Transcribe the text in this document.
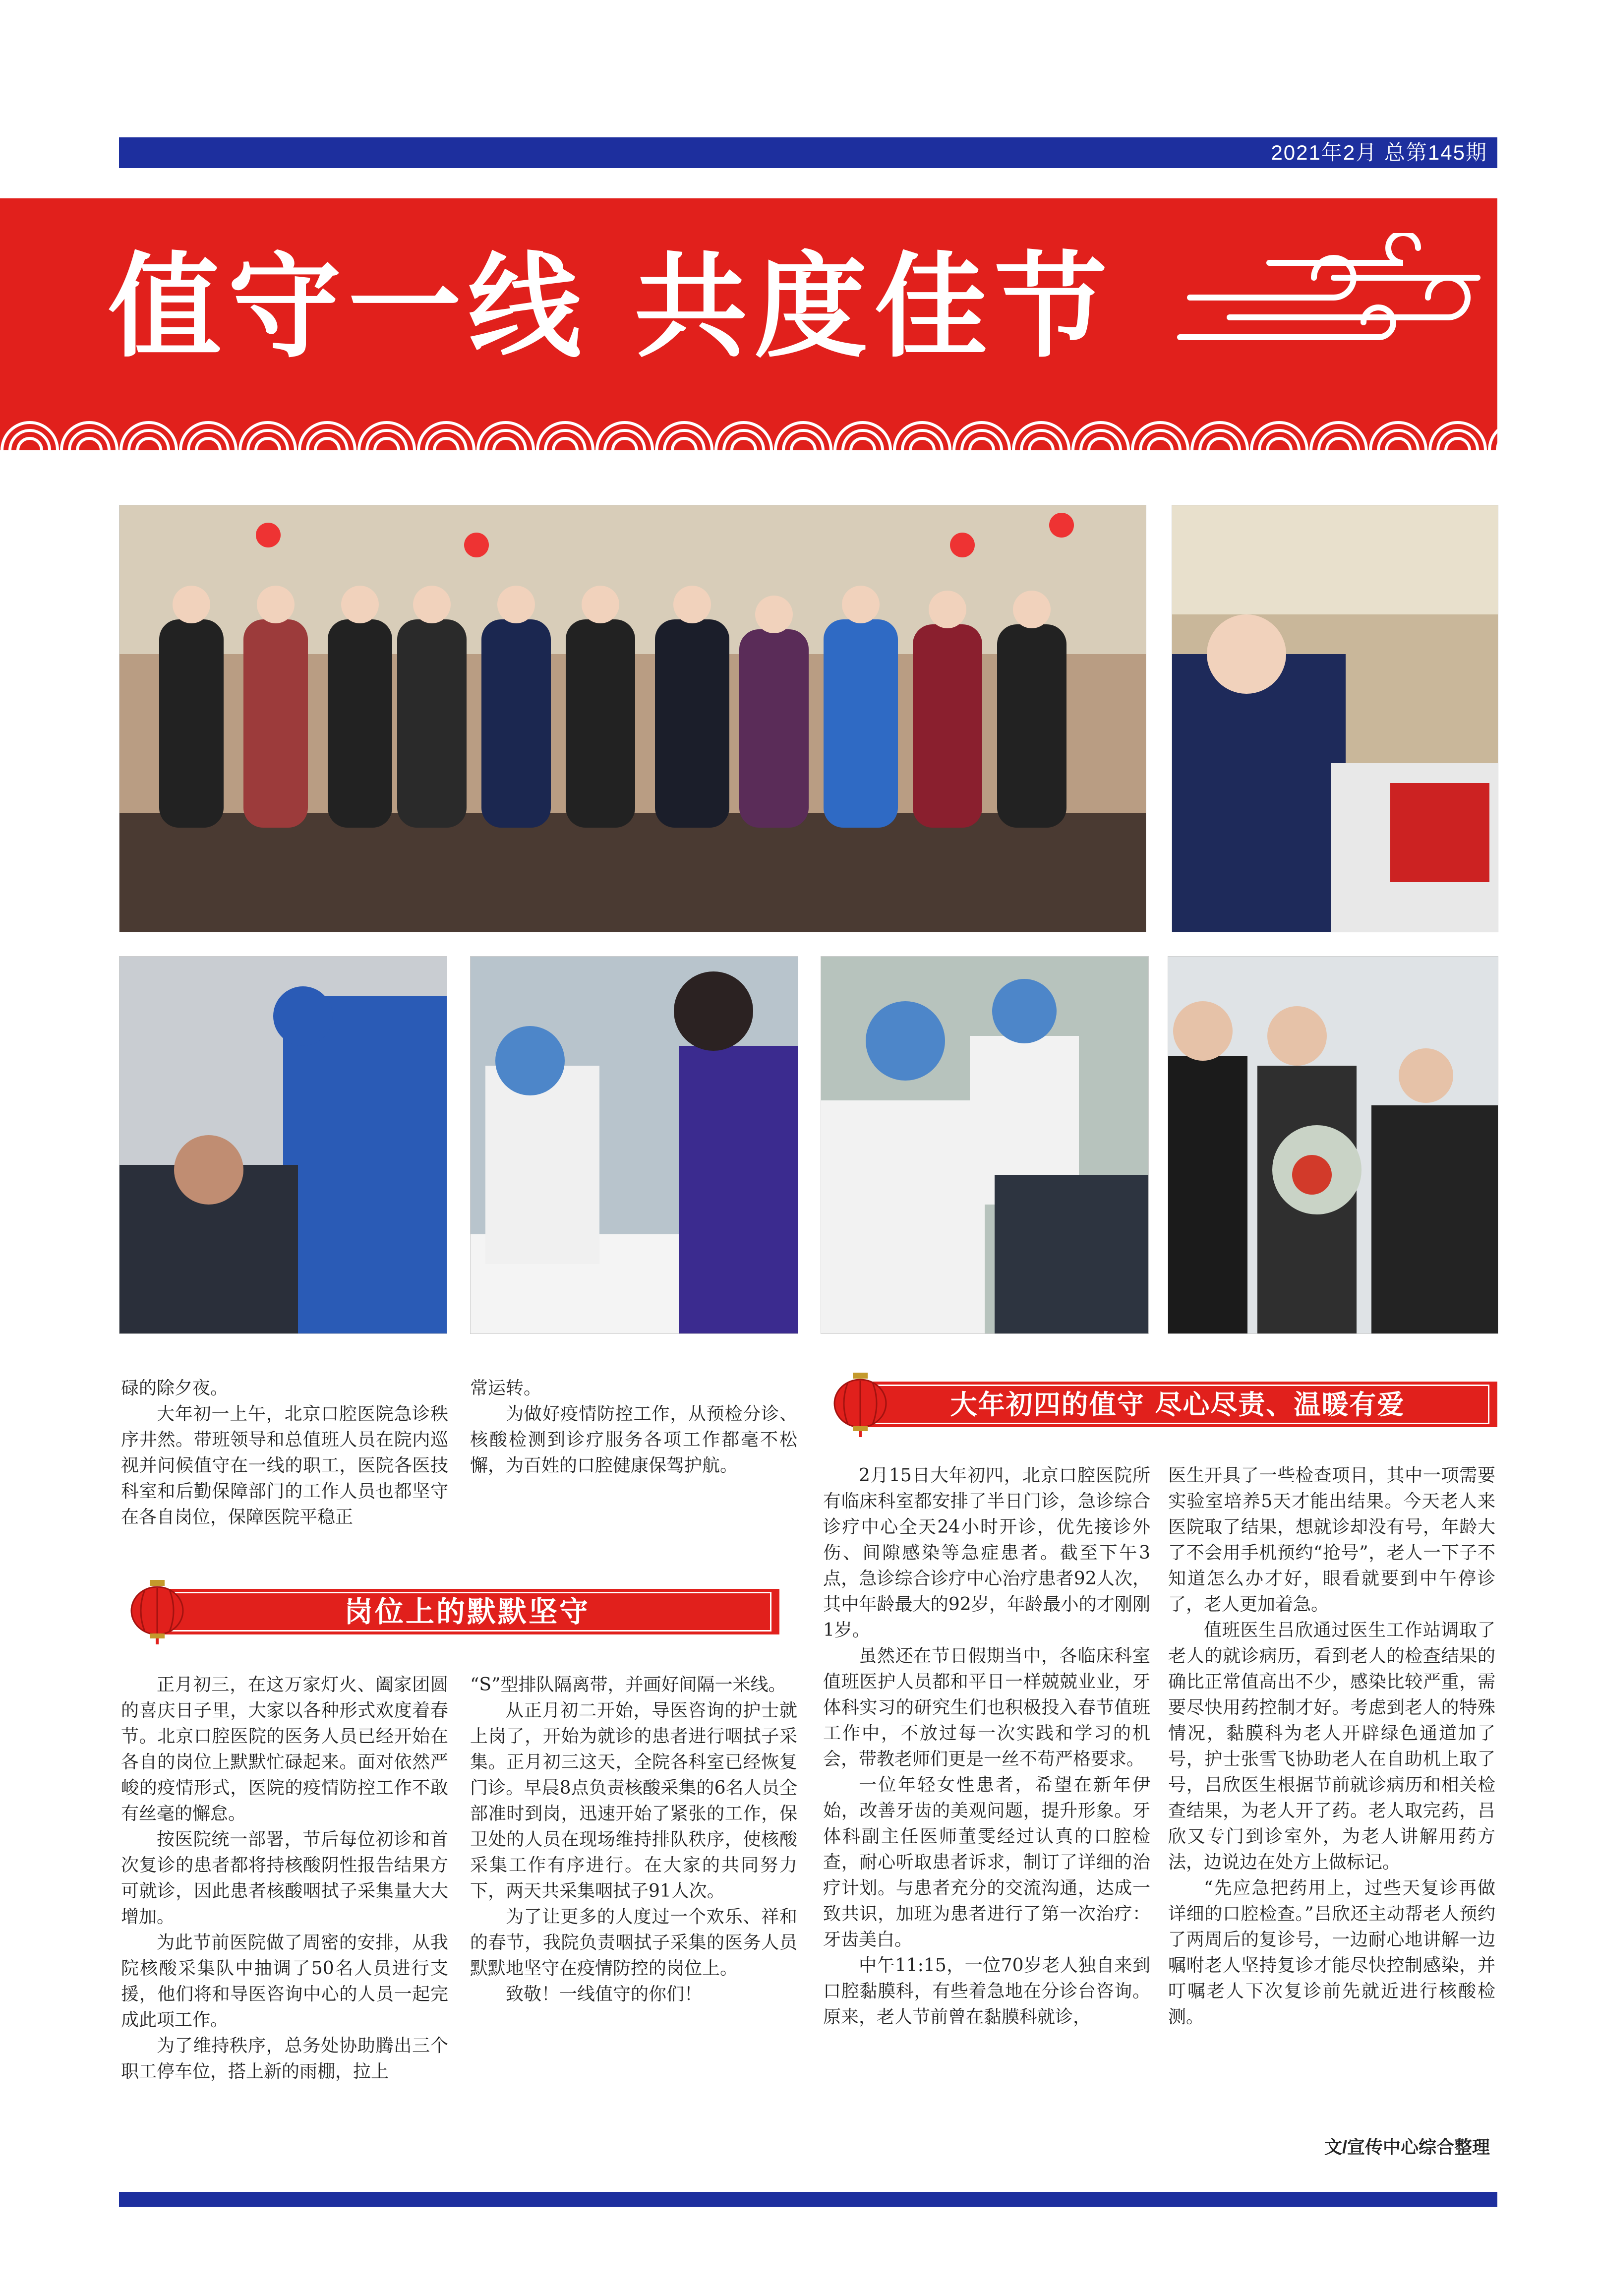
2021年2月 总第145期
值守一线 共度佳节

碌的除夕夜。

大年初一上午，北京口腔医院急诊秩序井然。带班领导和总值班人员在院内巡视并问候值守在一线的职工，医院各医技科室和后勤保障部门的工作人员也都坚守在各自岗位，保障医院平稳正

常运转。

为做好疫情防控工作，从预检分诊、核酸检测到诊疗服务各项工作都毫不松懈，为百姓的口腔健康保驾护航。

岗位上的默默坚守

正月初三，在这万家灯火、阖家团圆的喜庆日子里，大家以各种形式欢度着春节。北京口腔医院的医务人员已经开始在各自的岗位上默默忙碌起来。面对依然严峻的疫情形式，医院的疫情防控工作不敢有丝毫的懈怠。

按医院统一部署，节后每位初诊和首次复诊的患者都将持核酸阴性报告结果方可就诊，因此患者核酸咽拭子采集量大大增加。

为此节前医院做了周密的安排，从我院核酸采集队中抽调了50名人员进行支援，他们将和导医咨询中心的人员一起完成此项工作。

为了维持秩序，总务处协助腾出三个职工停车位，搭上新的雨棚，拉上

“S”型排队隔离带，并画好间隔一米线。

从正月初二开始，导医咨询的护士就上岗了，开始为就诊的患者进行咽拭子采集。正月初三这天，全院各科室已经恢复门诊。早晨8点负责核酸采集的6名人员全部准时到岗，迅速开始了紧张的工作，保卫处的人员在现场维持排队秩序，使核酸采集工作有序进行。在大家的共同努力下，两天共采集咽拭子91人次。

为了让更多的人度过一个欢乐、祥和的春节，我院负责咽拭子采集的医务人员默默地坚守在疫情防控的岗位上。

致敬！一线值守的你们！

大年初四的值守 尽心尽责、温暖有爱

2月15日大年初四，北京口腔医院所有临床科室都安排了半日门诊，急诊综合诊疗中心全天24小时开诊，优先接诊外伤、间隙感染等急症患者。截至下午3点，急诊综合诊疗中心治疗患者92人次，其中年龄最大的92岁，年龄最小的才刚刚1岁。

虽然还在节日假期当中，各临床科室值班医护人员都和平日一样兢兢业业，牙体科实习的研究生们也积极投入春节值班工作中，不放过每一次实践和学习的机会，带教老师们更是一丝不苟严格要求。

一位年轻女性患者，希望在新年伊始，改善牙齿的美观问题，提升形象。牙体科副主任医师董雯经过认真的口腔检查，耐心听取患者诉求，制订了详细的治疗计划。与患者充分的交流沟通，达成一致共识，加班为患者进行了第一次治疗：牙齿美白。

中午11:15，一位70岁老人独自来到口腔黏膜科，有些着急地在分诊台咨询。原来，老人节前曾在黏膜科就诊，

医生开具了一些检查项目，其中一项需要实验室培养5天才能出结果。今天老人来医院取了结果，想就诊却没有号，年龄大了不会用手机预约“抢号”，老人一下子不知道怎么办才好，眼看就要到中午停诊了，老人更加着急。

值班医生吕欣通过医生工作站调取了老人的就诊病历，看到老人的检查结果的确比正常值高出不少，感染比较严重，需要尽快用药控制才好。考虑到老人的特殊情况，黏膜科为老人开辟绿色通道加了号，护士张雪飞协助老人在自助机上取了号，吕欣医生根据节前就诊病历和相关检查结果，为老人开了药。老人取完药，吕欣又专门到诊室外，为老人讲解用药方法，边说边在处方上做标记。

“先应急把药用上，过些天复诊再做详细的口腔检查。”吕欣还主动帮老人预约了两周后的复诊号，一边耐心地讲解一边嘱咐老人坚持复诊才能尽快控制感染，并叮嘱老人下次复诊前先就近进行核酸检测。

文/宣传中心综合整理
